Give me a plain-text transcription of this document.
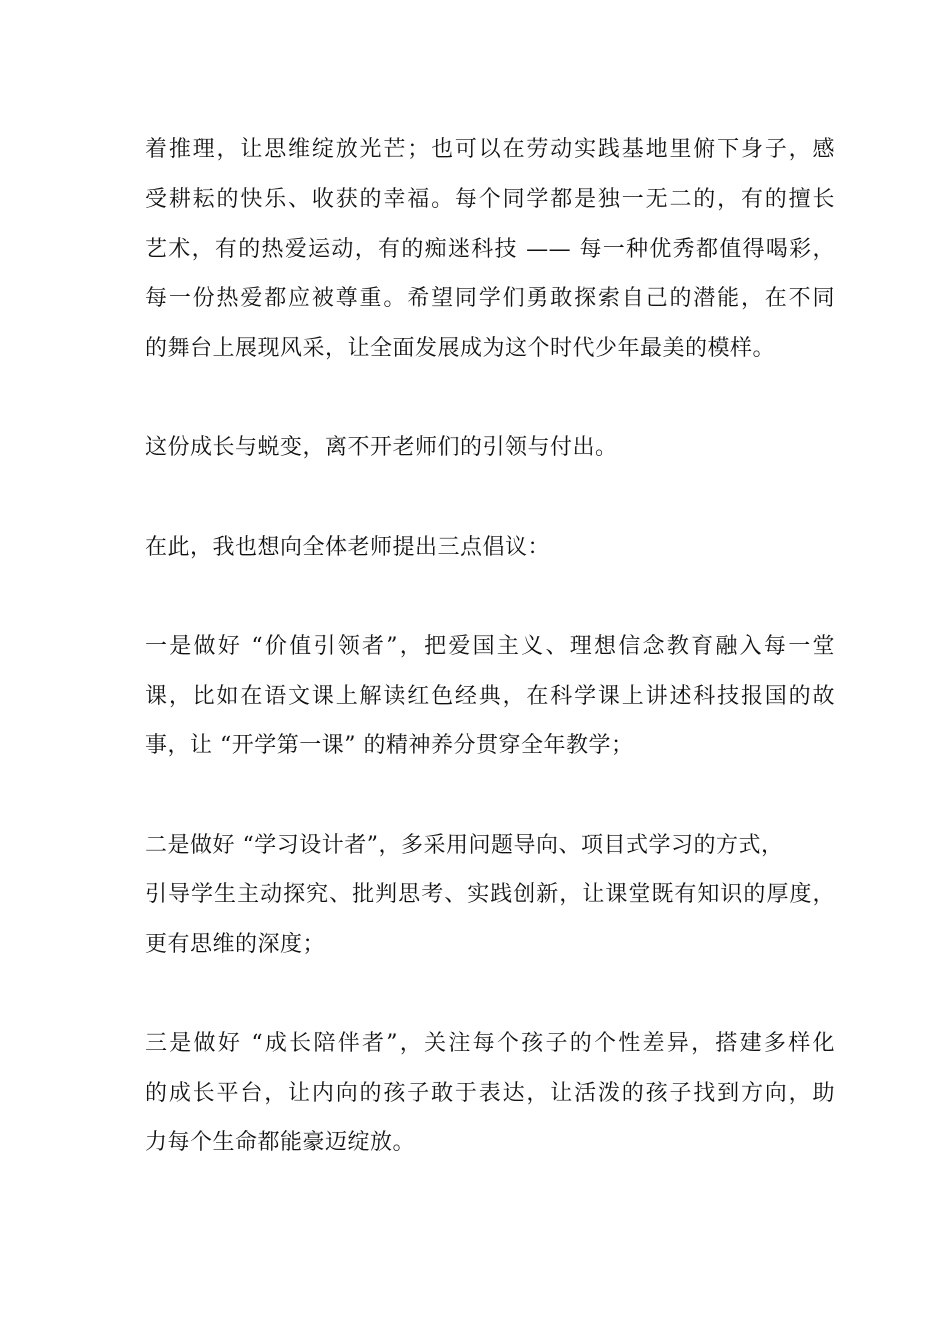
着推理，让思维绽放光芒；也可以在劳动实践基地里俯下身子，感
受耕耘的快乐、收获的幸福。每个同学都是独一无二的，有的擅长
艺术，有的热爱运动，有的痴迷科技 —— 每一种优秀都值得喝彩，
每一份热爱都应被尊重。希望同学们勇敢探索自己的潜能，在不同
的舞台上展现风采，让全面发展成为这个时代少年最美的模样。
这份成长与蜕变，离不开老师们的引领与付出。
在此，我也想向全体老师提出三点倡议：
一是做好 “价值引领者”，把爱国主义、理想信念教育融入每一堂
课，比如在语文课上解读红色经典，在科学课上讲述科技报国的故
事，让 “开学第一课” 的精神养分贯穿全年教学；
二是做好 “学习设计者”，多采用问题导向、项目式学习的方式，
引导学生主动探究、批判思考、实践创新，让课堂既有知识的厚度，
更有思维的深度；
三是做好 “成长陪伴者”，关注每个孩子的个性差异，搭建多样化
的成长平台，让内向的孩子敢于表达，让活泼的孩子找到方向，助
力每个生命都能豪迈绽放。
